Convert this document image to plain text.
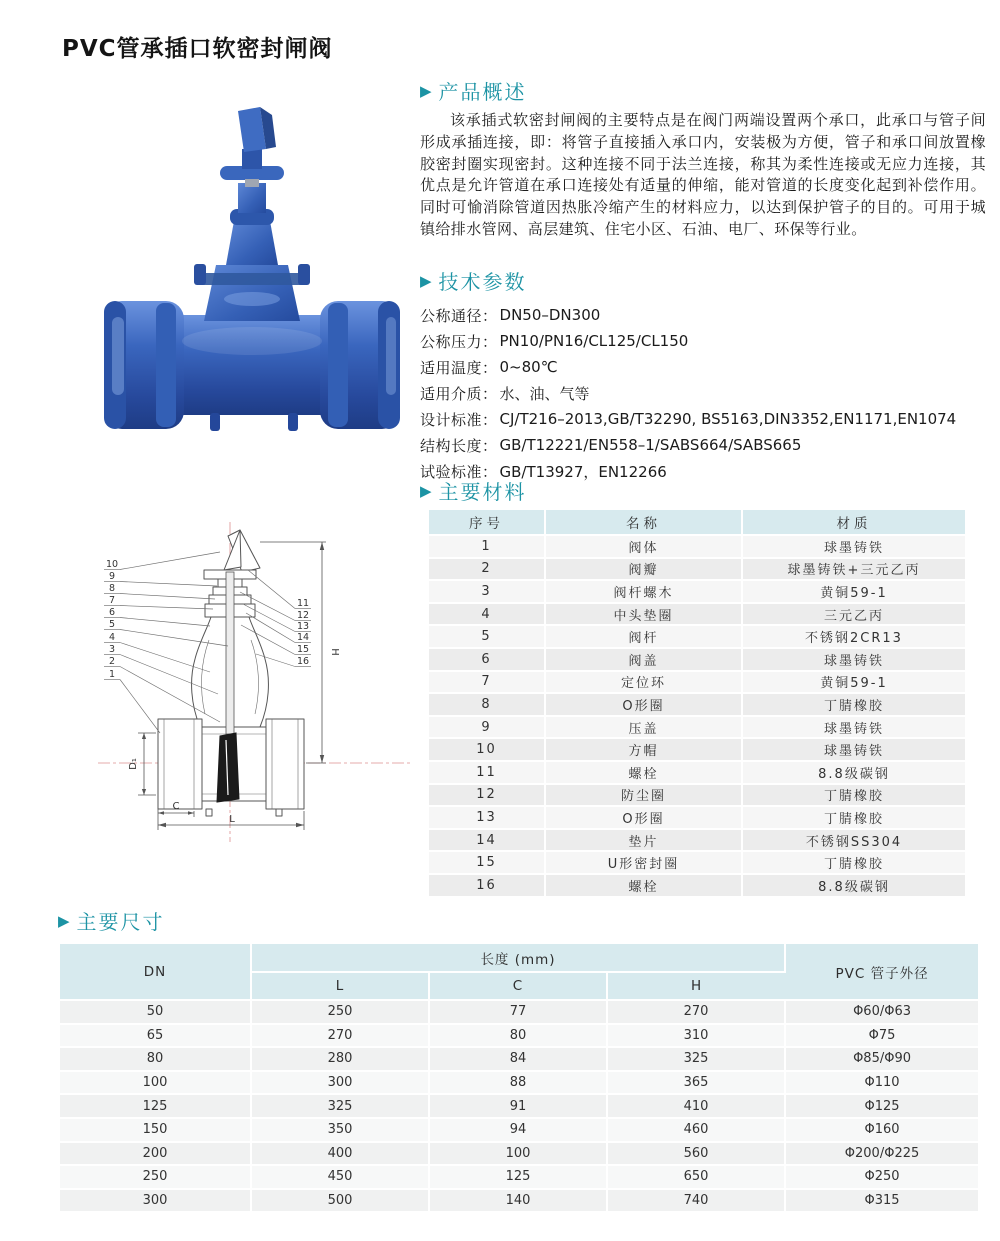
PVC管承插口软密封闸阀
▶ 产品概述

该承插式软密封闸阀的主要特点是在阀门两端设置两个承口，此承口与管子间形成承插连接，即：将管子直接插入承口内，安装极为方便，管子和承口间放置橡胶密封圈实现密封。这种连接不同于法兰连接，称其为柔性连接或无应力连接，其优点是允许管道在承口连接处有适量的伸缩，能对管道的长度变化起到补偿作用。同时可愉消除管道因热胀冷缩产生的材料应力，以达到保护管子的目的。可用于城镇给排水管网、高层建筑、住宅小区、石油、电厂、环保等行业。

▶ 技术参数
公称通径： DN50–DN300
公称压力： PN10/PN16/CL125/CL150
适用温度： 0~80℃
适用介质： 水、油、气等
设计标准： CJ/T216–2013,GB/T32290, BS5163,DIN3352,EN1171,EN1074
结构长度： GB/T12221/EN558–1/SABS664/SABS665
试验标准： GB/T13927，EN12266
▶ 主要材料
序号	名称	材质
1	阀体	球墨铸铁
2	阀瓣	球墨铸铁+三元乙丙
3	阀杆螺木	黄铜59-1
4	中头垫圈	三元乙丙
5	阀杆	不锈钢2CR13
6	阀盖	球墨铸铁
7	定位环	黄铜59-1
8	O形圈	丁腈橡胶
9	压盖	球墨铸铁
10	方帽	球墨铸铁
11	螺栓	8.8级碳钢
12	防尘圈	丁腈橡胶
13	O形圈	丁腈橡胶
14	垫片	不锈钢SS304
15	U形密封圈	丁腈橡胶
16	螺栓	8.8级碳钢
10
9
8
7
6
5
4
3
2
1
11
12
13
14
15
16
H
L
C
D₁
▶ 主要尺寸
DN	长度 (mm)			PVC 管子外径
	L	C	H	
50	250	77	270	Φ60/Φ63
65	270	80	310	Φ75
80	280	84	325	Φ85/Φ90
100	300	88	365	Φ110
125	325	91	410	Φ125
150	350	94	460	Φ160
200	400	100	560	Φ200/Φ225
250	450	125	650	Φ250
300	500	140	740	Φ315
